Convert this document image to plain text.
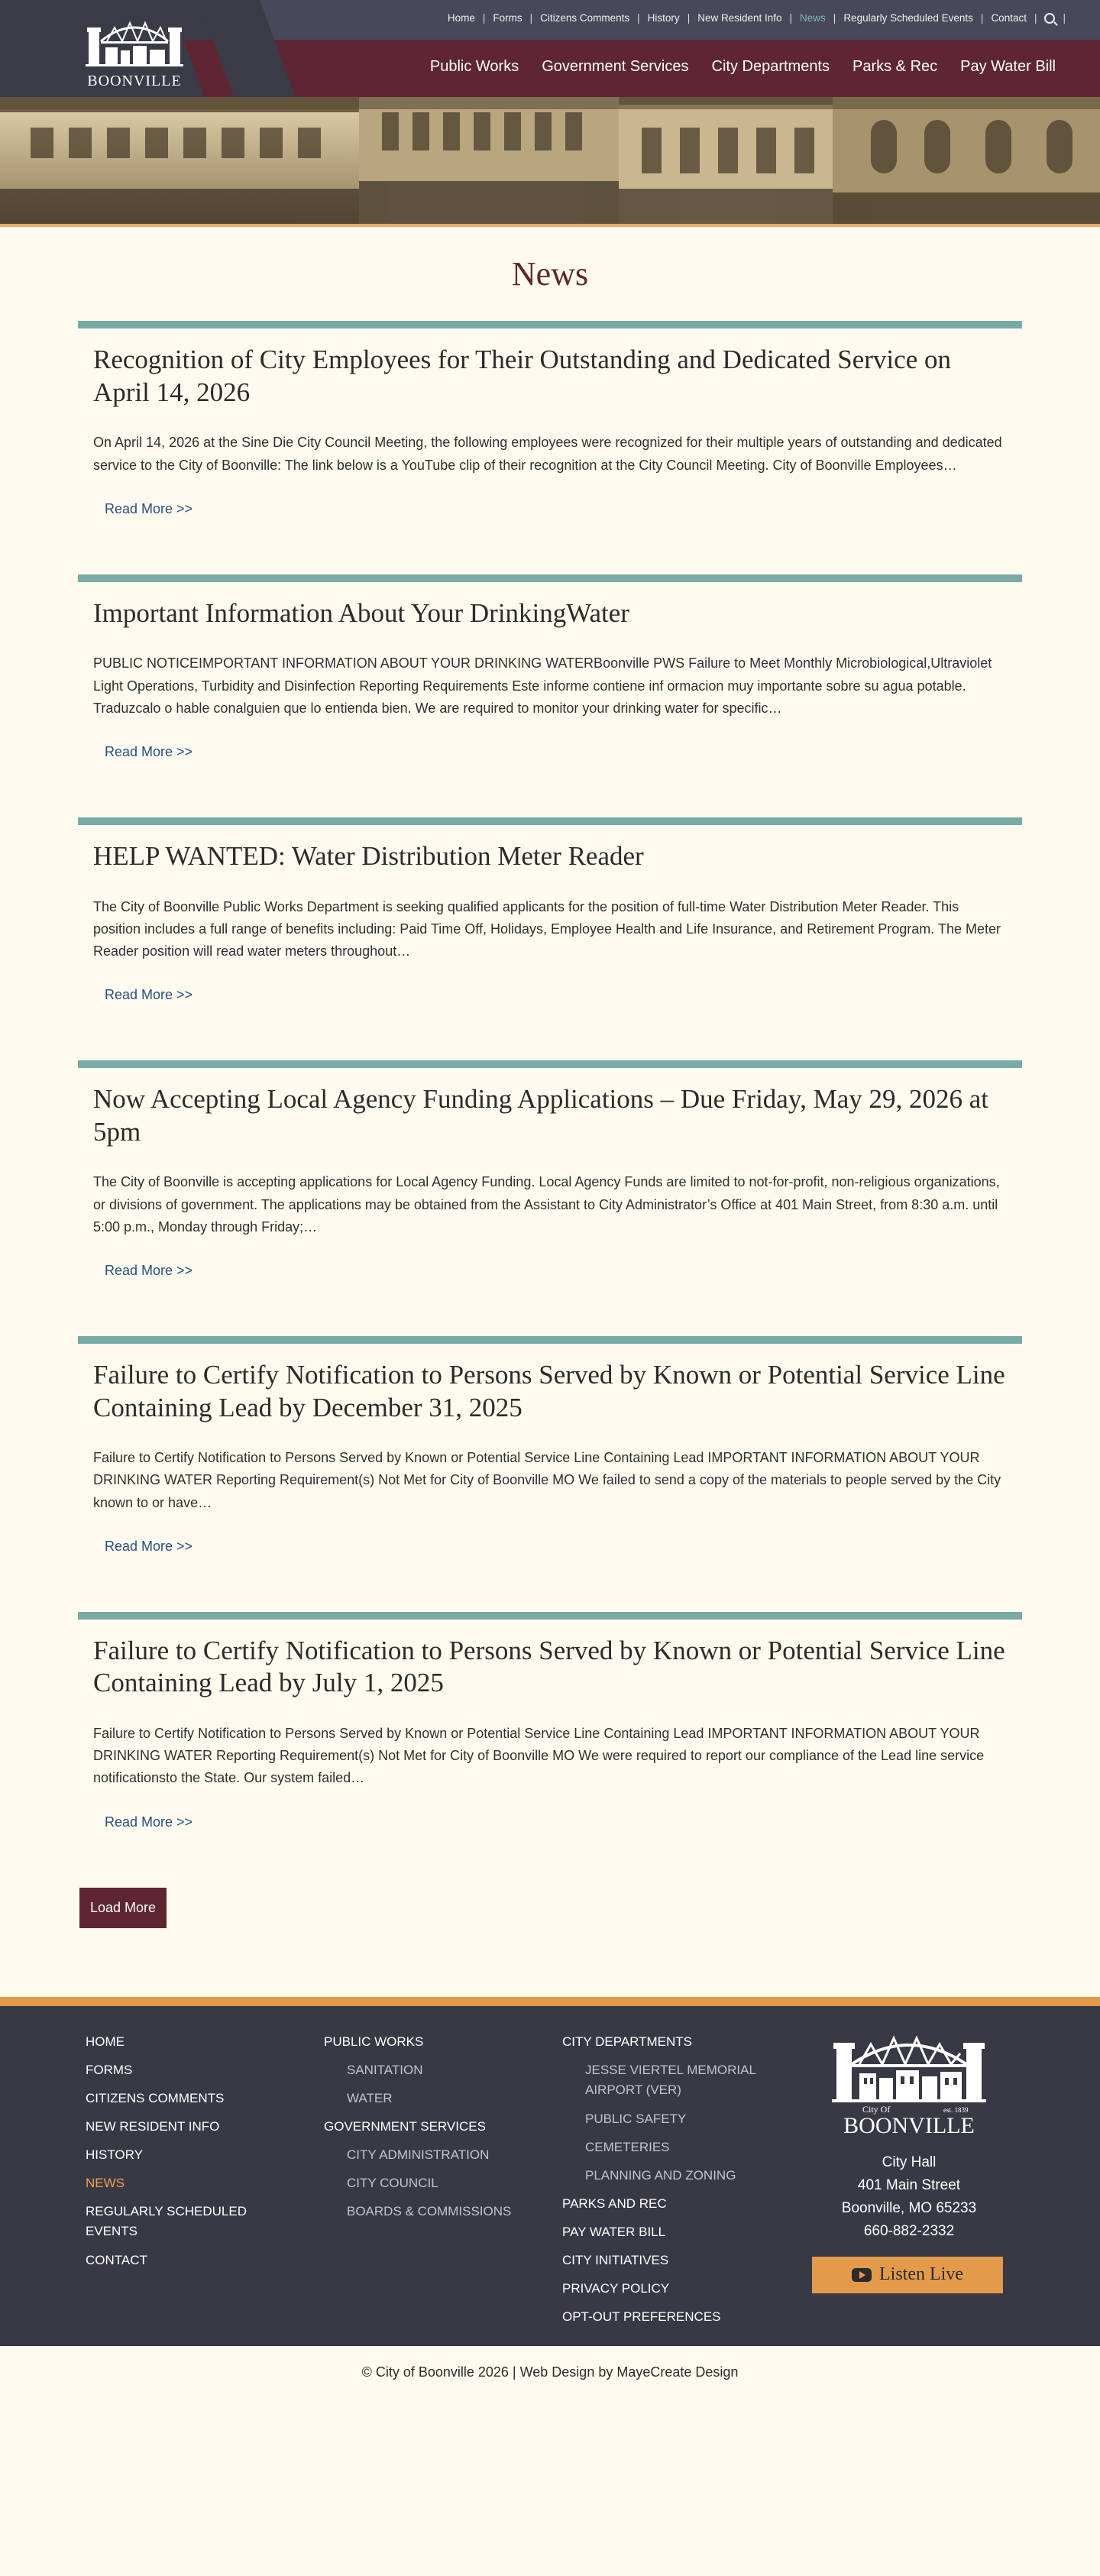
BOONVILLE
Home | Forms | Citizens Comments | History | New Resident Info | News | Regularly Scheduled Events | Contact |	|
Public Works Government Services City Departments Parks & Rec Pay Water Bill
News
Recognition of City Employees for Their Outstanding and Dedicated Service on April 14, 2026

On April 14, 2026 at the Sine Die City Council Meeting, the following employees were recognized for their multiple years of outstanding and dedicated service to the City of Boonville: The link below is a YouTube clip of their recognition at the City Council Meeting. City of Boonville Employees…

Read More >>
Important Information About Your DrinkingWater

PUBLIC NOTICEIMPORTANT INFORMATION ABOUT YOUR DRINKING WATERBoonville PWS Failure to Meet Monthly Microbiological,Ultraviolet Light Operations, Turbidity and Disinfection Reporting Requirements Este informe contiene inf ormacion muy importante sobre su agua potable. Traduzcalo o hable conalguien que lo entienda bien. We are required to monitor your drinking water for specific…

Read More >>
HELP WANTED: Water Distribution Meter Reader

The City of Boonville Public Works Department is seeking qualified applicants for the position of full-time Water Distribution Meter Reader. This position includes a full range of benefits including: Paid Time Off, Holidays, Employee Health and Life Insurance, and Retirement Program. The Meter Reader position will read water meters throughout…

Read More >>
Now Accepting Local Agency Funding Applications – Due Friday, May 29, 2026 at 5pm

The City of Boonville is accepting applications for Local Agency Funding. Local Agency Funds are limited to not-for-profit, non-religious organizations, or divisions of government. The applications may be obtained from the Assistant to City Administrator’s Office at 401 Main Street, from 8:30 a.m. until 5:00 p.m., Monday through Friday;…

Read More >>
Failure to Certify Notification to Persons Served by Known or Potential Service Line Containing Lead by December 31, 2025

Failure to Certify Notification to Persons Served by Known or Potential Service Line Containing Lead IMPORTANT INFORMATION ABOUT YOUR DRINKING WATER Reporting Requirement(s) Not Met for City of Boonville MO We failed to send a copy of the materials to people served by the City known to or have…

Read More >>
Failure to Certify Notification to Persons Served by Known or Potential Service Line Containing Lead by July 1, 2025

Failure to Certify Notification to Persons Served by Known or Potential Service Line Containing Lead IMPORTANT INFORMATION ABOUT YOUR DRINKING WATER Reporting Requirement(s) Not Met for City of Boonville MO We were required to report our compliance of the Lead line service notificationsto the State. Our system failed…

Read More >>
Load More
HOME
FORMS
CITIZENS COMMENTS
NEW RESIDENT INFO
HISTORY
NEWS
REGULARLY SCHEDULED EVENTS
CONTACT
PUBLIC WORKS
SANITATION
WATER
GOVERNMENT SERVICES
CITY ADMINISTRATION
CITY COUNCIL
BOARDS & COMMISSIONS
CITY DEPARTMENTS
JESSE VIERTEL MEMORIAL AIRPORT (VER)
PUBLIC SAFETY
CEMETERIES
PLANNING AND ZONING
PARKS AND REC
PAY WATER BILL
CITY INITIATIVES
PRIVACY POLICY
OPT-OUT PREFERENCES
City Of	est. 1839
BOONVILLE
City Hall
401 Main Street
Boonville, MO 65233
660-882-2332
Listen Live
© City of Boonville 2026 | Web Design by MayeCreate Design
